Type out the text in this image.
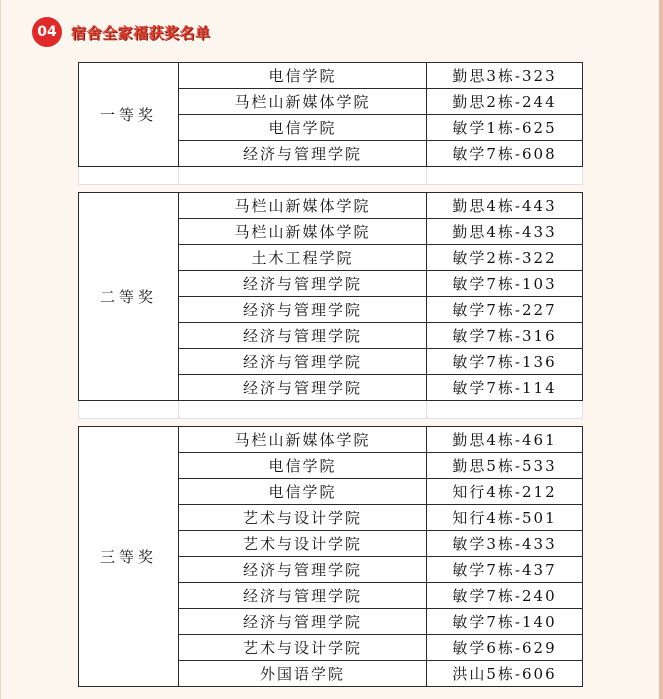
04 宿舍全家福获奖名单
一等奖	电信学院	勤思3栋-323
	马栏山新媒体学院	勤思2栋-244
	电信学院	敏学1栋-625
	经济与管理学院	敏学7栋-608

二等奖	马栏山新媒体学院	勤思4栋-443
	马栏山新媒体学院	勤思4栋-433
	土木工程学院	敏学2栋-322
	经济与管理学院	敏学7栋-103
	经济与管理学院	敏学7栋-227
	经济与管理学院	敏学7栋-316
	经济与管理学院	敏学7栋-136
	经济与管理学院	敏学7栋-114

三等奖	马栏山新媒体学院	勤思4栋-461
	电信学院	勤思5栋-533
	电信学院	知行4栋-212
	艺术与设计学院	知行4栋-501
	艺术与设计学院	敏学3栋-433
	经济与管理学院	敏学7栋-437
	经济与管理学院	敏学7栋-240
	经济与管理学院	敏学7栋-140
	艺术与设计学院	敏学6栋-629
	外国语学院	洪山5栋-606
